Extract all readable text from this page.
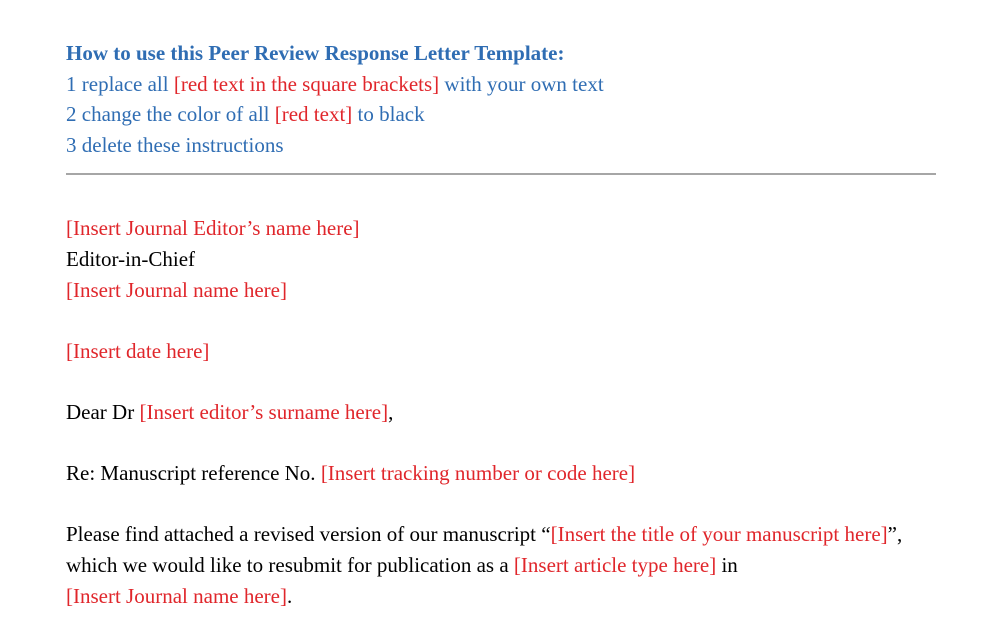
How to use this Peer Review Response Letter Template:
1 replace all [red text in the square brackets] with your own text
2 change the color of all [red text] to black
3 delete these instructions
[Insert Journal Editor’s name here]
Editor-in-Chief
[Insert Journal name here]
[Insert date here]
Dear Dr [Insert editor’s surname here],
Re: Manuscript reference No. [Insert tracking number or code here]
Please find attached a revised version of our manuscript “[Insert the title of your manuscript here]”, which we would like to resubmit for publication as a [Insert article type here] in
[Insert Journal name here].
